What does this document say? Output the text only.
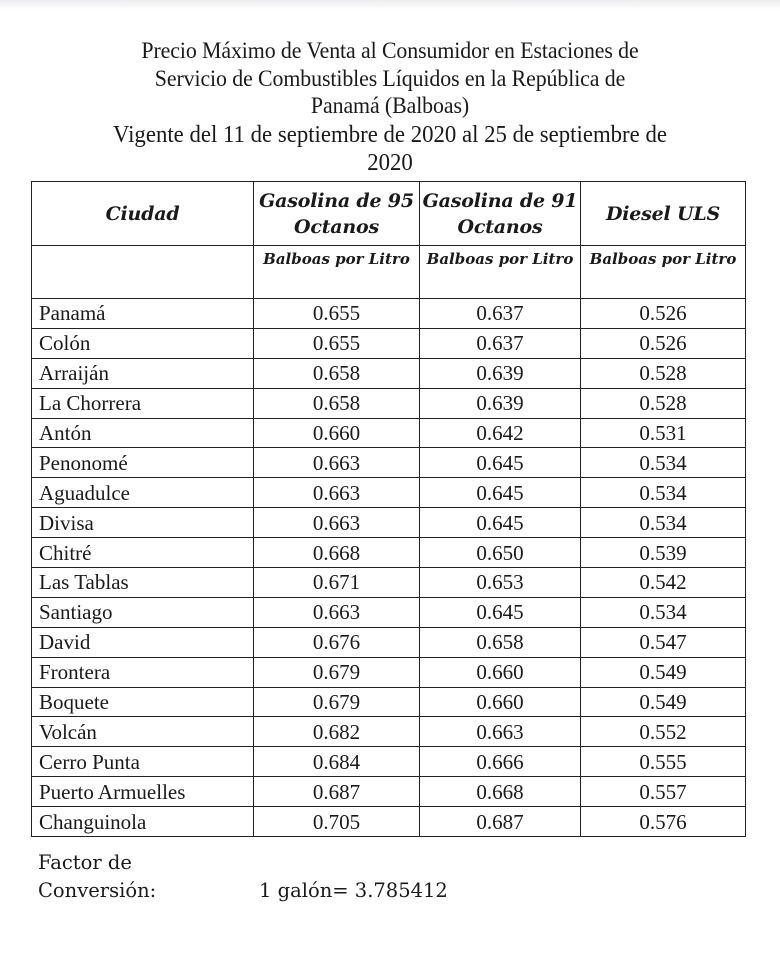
Precio Máximo de Venta al Consumidor en Estaciones de
Servicio de Combustibles Líquidos en la República de
Panamá (Balboas)
Vigente del 11 de septiembre de 2020 al 25 de septiembre de
2020
Ciudad	Gasolina de 95 Octanos	Gasolina de 91 Octanos	Diesel ULS
	Balboas por Litro	Balboas por Litro	Balboas por Litro
Panamá	0.655	0.637	0.526
Colón	0.655	0.637	0.526
Arraiján	0.658	0.639	0.528
La Chorrera	0.658	0.639	0.528
Antón	0.660	0.642	0.531
Penonomé	0.663	0.645	0.534
Aguadulce	0.663	0.645	0.534
Divisa	0.663	0.645	0.534
Chitré	0.668	0.650	0.539
Las Tablas	0.671	0.653	0.542
Santiago	0.663	0.645	0.534
David	0.676	0.658	0.547
Frontera	0.679	0.660	0.549
Boquete	0.679	0.660	0.549
Volcán	0.682	0.663	0.552
Cerro Punta	0.684	0.666	0.555
Puerto Armuelles	0.687	0.668	0.557
Changuinola	0.705	0.687	0.576
Factor de
Conversión:	1 galón= 3.785412
